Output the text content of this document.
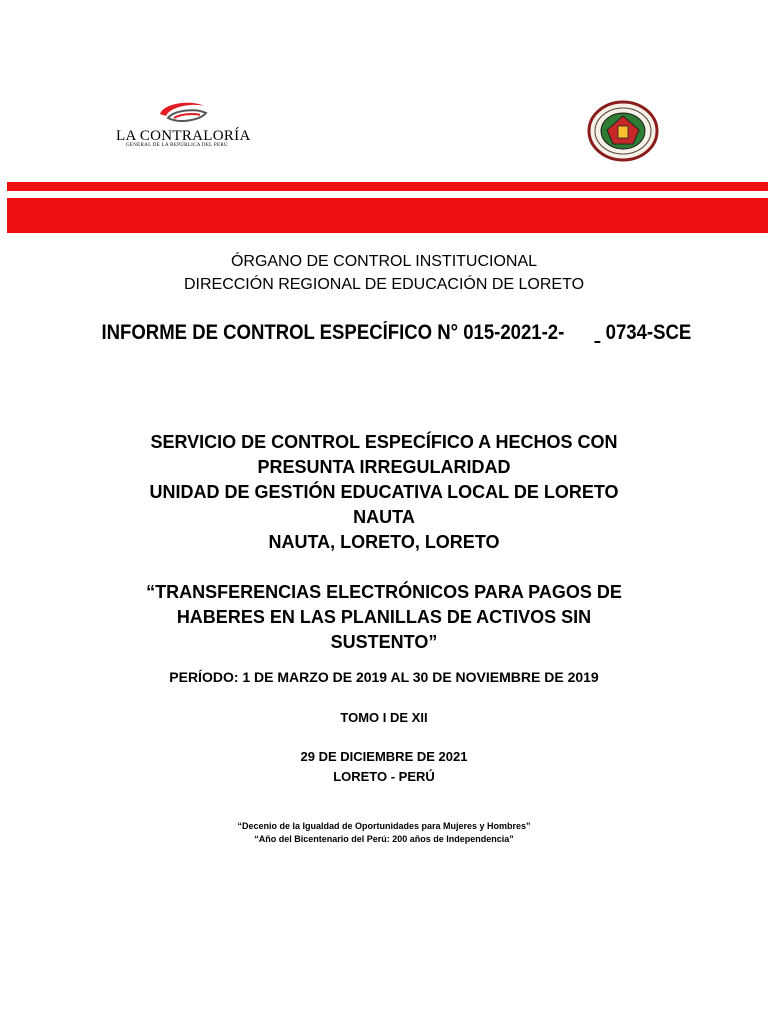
LA CONTRALORÍA
GENERAL DE LA REPÚBLICA DEL PERÚ
ÓRGANO DE CONTROL INSTITUCIONAL
DIRECCIÓN REGIONAL DE EDUCACIÓN DE LORETO
INFORME DE CONTROL ESPECÍFICO N° 015-2021-2- 0734-SCE
SERVICIO DE CONTROL ESPECÍFICO A HECHOS CON
PRESUNTA IRREGULARIDAD
UNIDAD DE GESTIÓN EDUCATIVA LOCAL DE LORETO
NAUTA
NAUTA, LORETO, LORETO
“TRANSFERENCIAS ELECTRÓNICOS PARA PAGOS DE
HABERES EN LAS PLANILLAS DE ACTIVOS SIN
SUSTENTO”
PERÍODO: 1 DE MARZO DE 2019 AL 30 DE NOVIEMBRE DE 2019
TOMO I DE XII
29 DE DICIEMBRE DE 2021
LORETO - PERÚ
“Decenio de la Igualdad de Oportunidades para Mujeres y Hombres”
“Año del Bicentenario del Perú: 200 años de Independencia”
